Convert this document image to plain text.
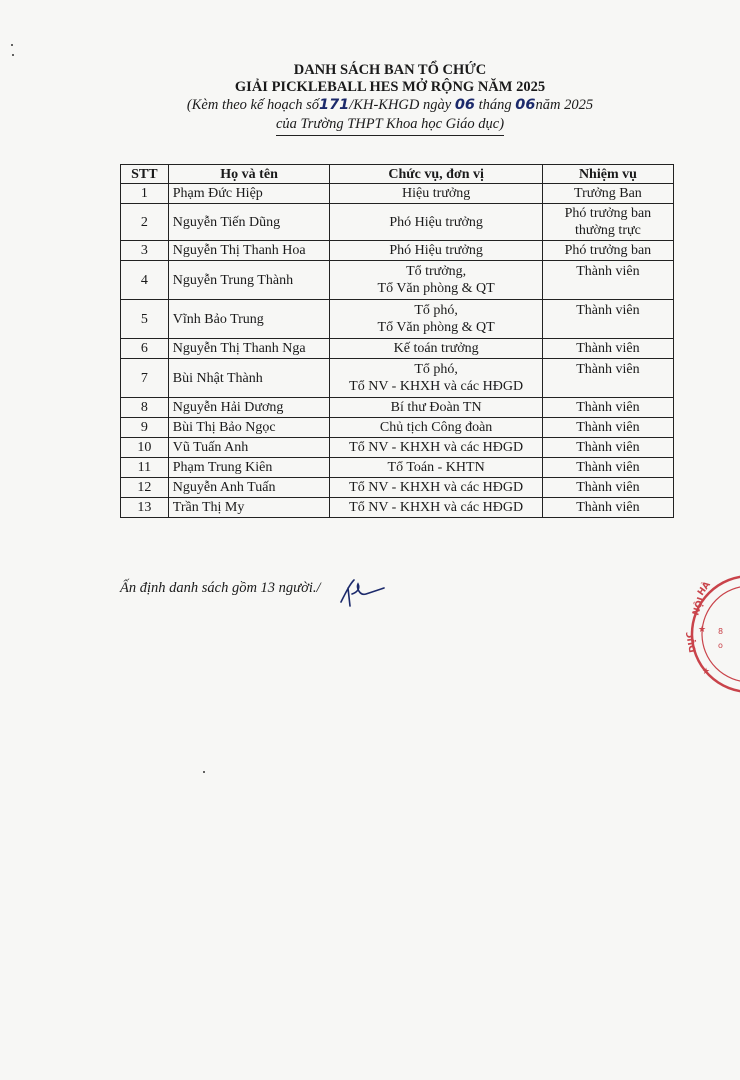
DANH SÁCH BAN TỔ CHỨC
GIẢI PICKLEBALL HES MỞ RỘNG NĂM 2025
(Kèm theo kế hoạch số171/KH-KHGD ngày 06 tháng 06năm 2025
của Trường THPT Khoa học Giáo dục)
STT	Họ và tên	Chức vụ, đơn vị	Nhiệm vụ
1	Phạm Đức Hiệp	Hiệu trưởng	Trưởng Ban
2	Nguyễn Tiến Dũng	Phó Hiệu trưởng	Phó trưởng ban
thường trực

3	Nguyễn Thị Thanh Hoa	Phó Hiệu trưởng	Phó trưởng ban
4	Nguyễn Trung Thành	Tổ trưởng,
Tổ Văn phòng & QT	Thành viên
5	Vĩnh Bảo Trung	Tổ phó,
Tổ Văn phòng & QT	Thành viên
6	Nguyễn Thị Thanh Nga	Kế toán trưởng	Thành viên
7	Bùi Nhật Thành	Tổ phó,
Tổ NV - KHXH và các HĐGD	Thành viên
8	Nguyễn Hải Dương	Bí thư Đoàn TN	Thành viên
9	Bùi Thị Bảo Ngọc	Chủ tịch Công đoàn	Thành viên
10	Vũ Tuấn Anh	Tổ NV - KHXH và các HĐGD	Thành viên
11	Phạm Trung Kiên	Tổ Toán - KHTN	Thành viên
12	Nguyễn Anh Tuấn	Tổ NV - KHXH và các HĐGD	Thành viên
13	Trần Thị My	Tổ NV - KHXH và các HĐGD	Thành viên
Ấn định danh sách gồm 13 người./	HÀ
NỘI
★
DỤC
★
8
o
